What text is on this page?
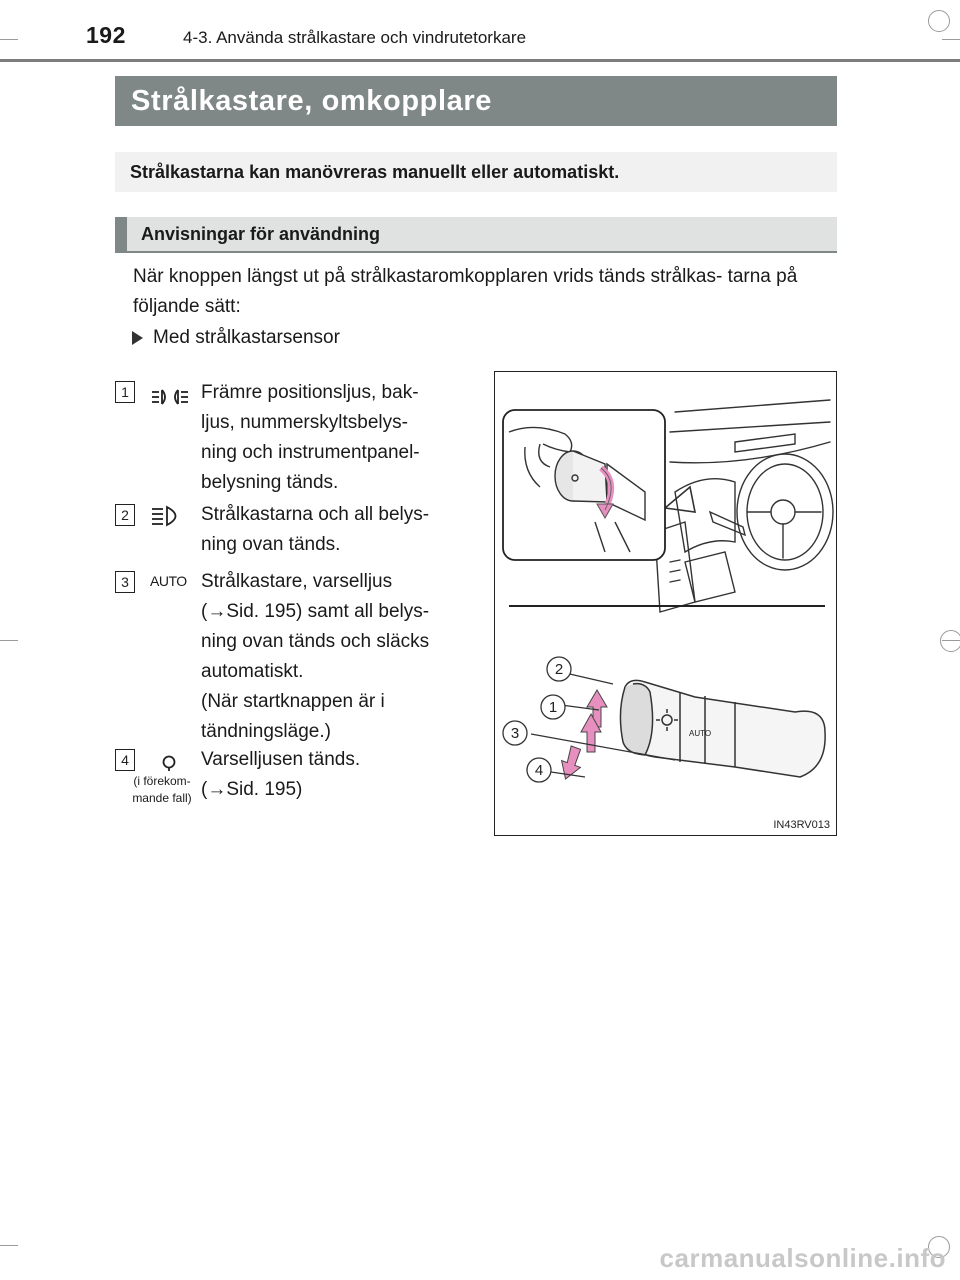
192	4-3. Använda strålkastare och vindrutetorkare
Strålkastare, omkopplare
Strålkastarna kan manövreras manuellt eller automatiskt.
Anvisningar för användning
När knoppen längst ut på strålkastaromkopplaren vrids tänds strålkas- tarna på följande sätt:
Med strålkastarsensor
1	Främre positionsljus, bak-
ljus, nummerskyltsbelys-
ning och instrumentpanel-
belysning tänds.
2	Strålkastarna och all belys-
ning ovan tänds.
3	AUTO Strålkastare, varselljus
(→Sid. 195) samt all belys-
ning ovan tänds och släcks
automatiskt.
(När startknappen är i
tändningsläge.)
4
(i förekom-
mande fall)
Varselljusen tänds.
(→Sid. 195)
AUTO
2
1
3
4
IN43RV013
carmanualsonline.info
